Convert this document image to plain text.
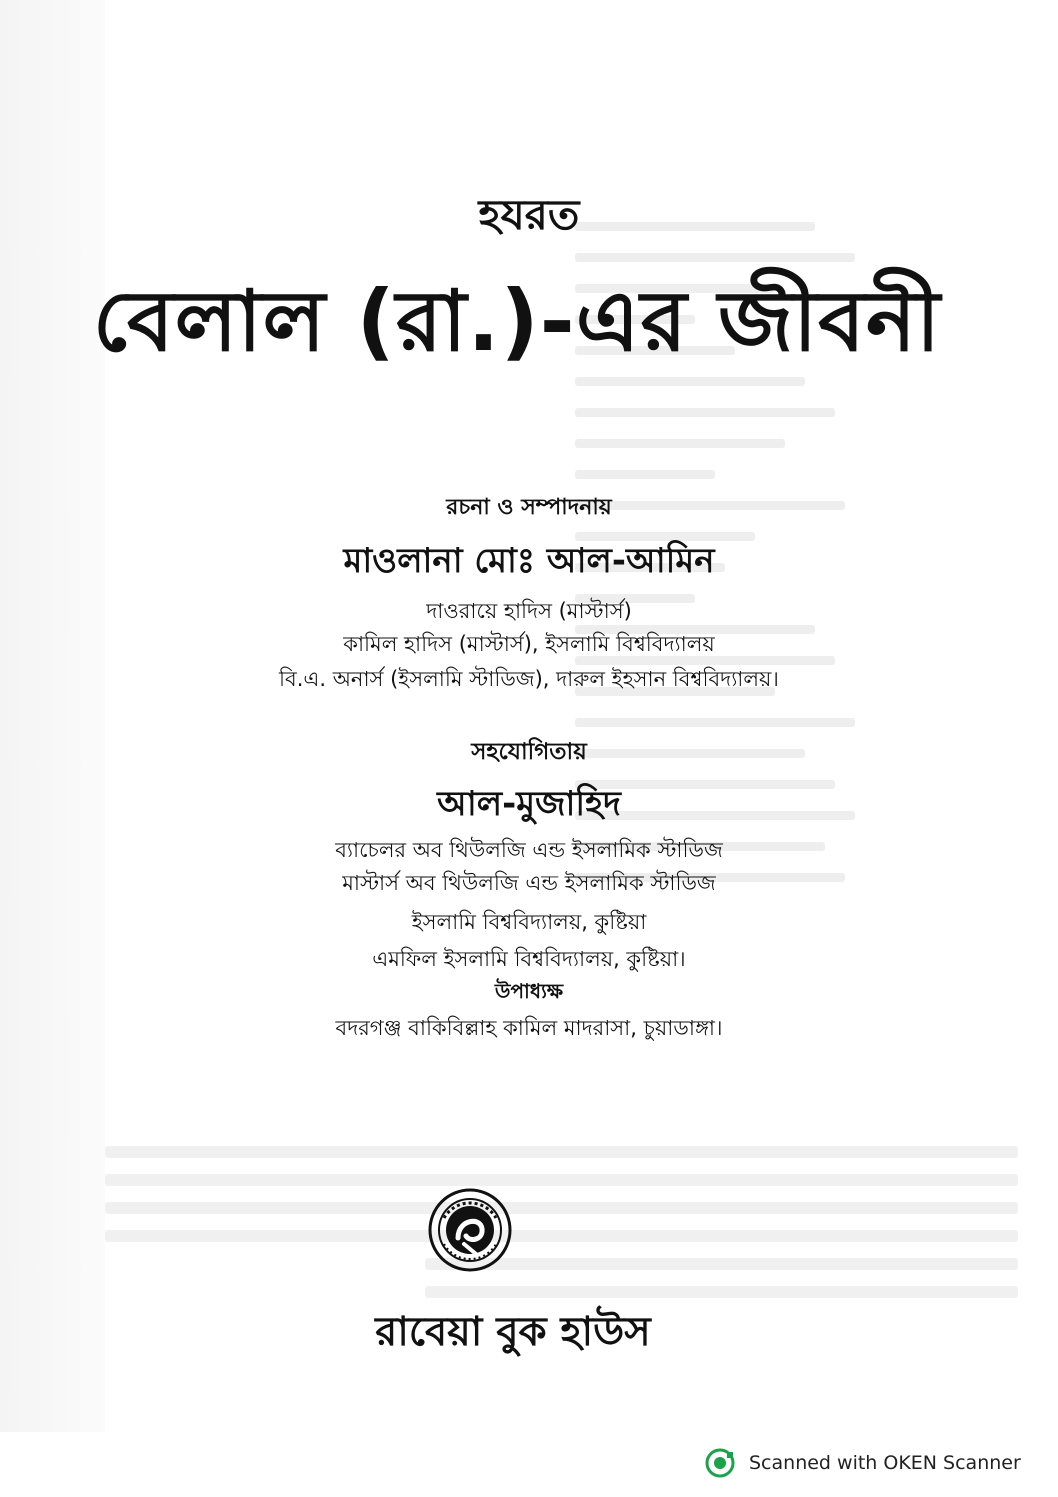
হযরত
বেলাল (রা.)-এর জীবনী
রচনা ও সম্পাদনায়
মাওলানা মোঃ আল-আমিন
দাওরায়ে হাদিস (মাস্টার্স)
কামিল হাদিস (মাস্টার্স), ইসলামি বিশ্ববিদ্যালয়
বি.এ. অনার্স (ইসলামি স্টাডিজ), দারুল ইহসান বিশ্ববিদ্যালয়।
সহযোগিতায়
আল-মুজাহিদ
ব্যাচেলর অব থিউলজি এন্ড ইসলামিক স্টাডিজ
মাস্টার্স অব থিউলজি এন্ড ইসলামিক স্টাডিজ
ইসলামি বিশ্ববিদ্যালয়, কুষ্টিয়া
এমফিল ইসলামি বিশ্ববিদ্যালয়, কুষ্টিয়া।
উপাধ্যক্ষ
বদরগঞ্জ বাকিবিল্লাহ কামিল মাদরাসা, চুয়াডাঙ্গা।
রাবেয়া বুক হাউস
Scanned with OKEN Scanner
